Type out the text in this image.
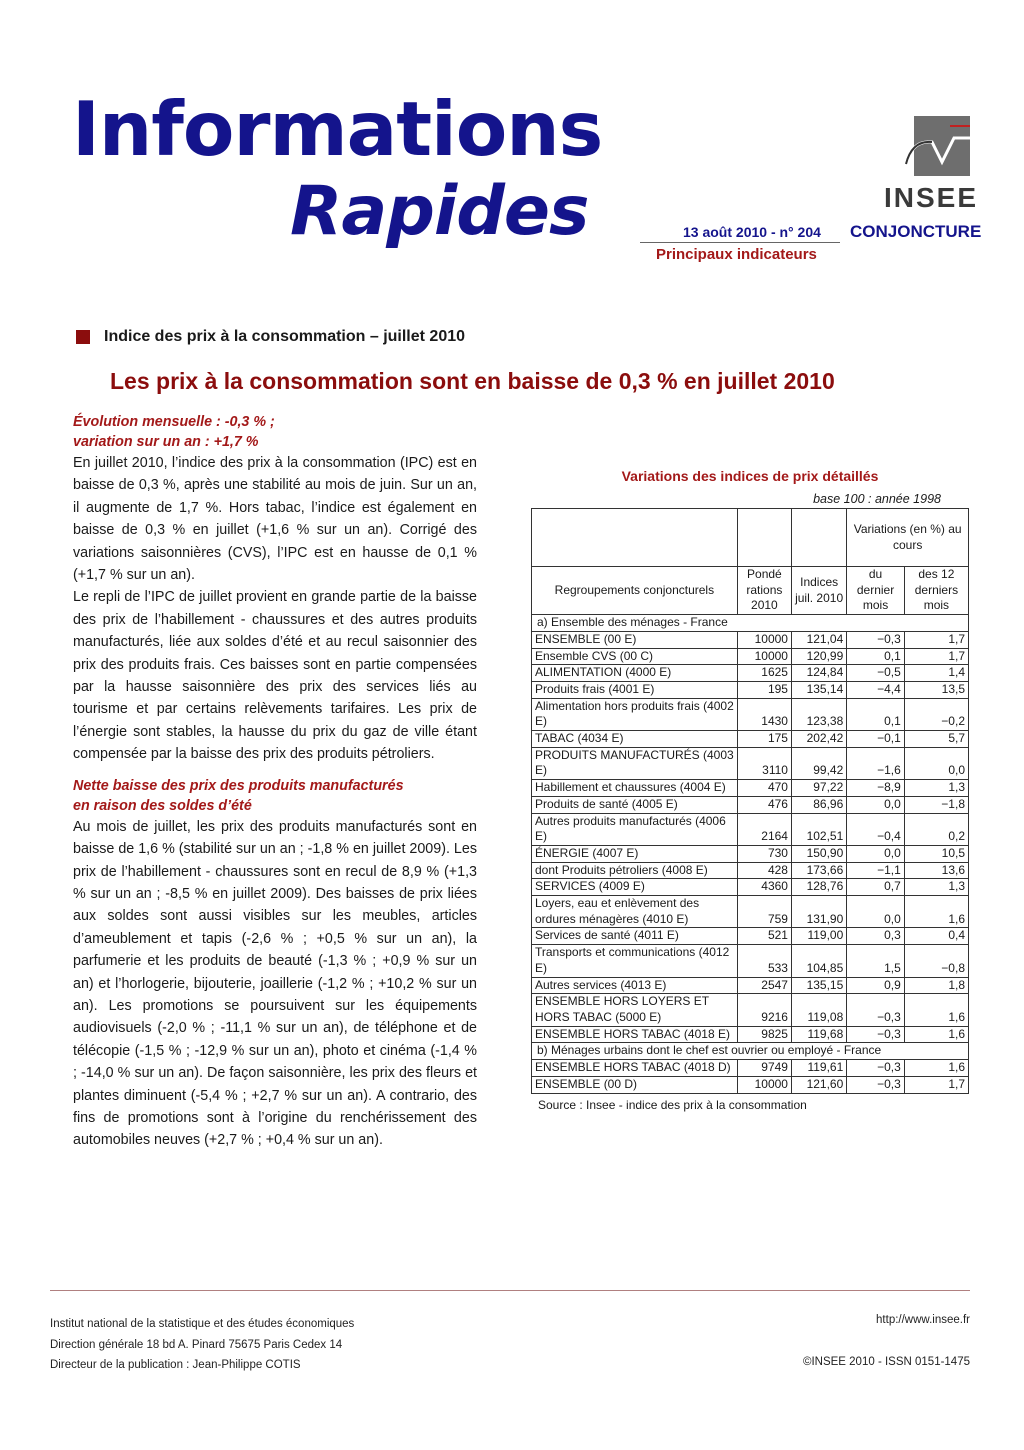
Informations
Rapides	13 août 2010 - n° 204
Principaux indicateurs
INSEE
CONJONCTURE
Indice des prix à la consommation – juillet 2010
Les prix à la consommation sont en baisse de 0,3 % en juillet 2010

Évolution mensuelle : -0,3 % ;

variation sur un an : +1,7 %

En juillet 2010, l’indice des prix à la consommation (IPC) est en baisse de 0,3 %, après une stabilité au mois de juin. Sur un an, il augmente de 1,7 %. Hors tabac, l’indice est également en baisse de 0,3 % en juillet (+1,6 % sur un an). Corrigé des variations saisonnières (CVS), l’IPC est en hausse de 0,1 % (+1,7 % sur un an).

Le repli de l’IPC de juillet provient en grande partie de la baisse des prix de l’habillement - chaussures et des autres produits manufacturés, liée aux soldes d’été et au recul saisonnier des prix des produits frais. Ces baisses sont en partie compensées par la hausse saisonnière des prix des services liés au tourisme et par certains relèvements tarifaires. Les prix de l’énergie sont stables, la hausse du prix du gaz de ville étant compensée par la baisse des prix des produits pétroliers.

Nette baisse des prix des produits manufacturés

en raison des soldes d’été

Au mois de juillet, les prix des produits manufacturés sont en baisse de 1,6 % (stabilité sur un an ; -1,8 % en juillet 2009). Les prix de l’habillement - chaussures sont en recul de 8,9 % (+1,3 % sur un an ; -8,5 % en juillet 2009). Des baisses de prix liées aux soldes sont aussi visibles sur les meubles, articles d’ameublement et tapis (-2,6 % ; +0,5 % sur un an), la parfumerie et les produits de beauté (-1,3 % ; +0,9 % sur un an) et l’horlogerie, bijouterie, joaillerie (-1,2 % ; +10,2 % sur un an). Les promotions se poursuivent sur les équipements audiovisuels (-2,0 % ; -11,1 % sur un an), de téléphone et de télécopie (-1,5 % ; -12,9 % sur un an), photo et cinéma (-1,4 % ; -14,0 % sur un an). De façon saisonnière, les prix des fleurs et plantes diminuent (-5,4 % ; +2,7 % sur un an). A contrario, des fins de promotions sont à l’origine du renchérissement des automobiles neuves (+2,7 % ; +0,4 % sur un an).

Variations des indices de prix détaillés
base 100 : année 1998
			Variations (en %) au cours	
Regroupements conjoncturels	Pondé rations 2010	Indices juil. 2010	du dernier mois	des 12 derniers mois
a) Ensemble des ménages - France				
ENSEMBLE (00 E)	10000	121,04	−0,3	1,7
Ensemble CVS (00 C)	10000	120,99	0,1	1,7
ALIMENTATION (4000 E)	1625	124,84	−0,5	1,4
Produits frais (4001 E)	195	135,14	−4,4	13,5
Alimentation hors produits frais (4002 E)	1430	123,38	0,1	−0,2
TABAC (4034 E)	175	202,42	−0,1	5,7
PRODUITS MANUFACTURÉS (4003 E)	3110	99,42	−1,6	0,0
Habillement et chaussures (4004 E)	470	97,22	−8,9	1,3
Produits de santé (4005 E)	476	86,96	0,0	−1,8
Autres produits manufacturés (4006 E)	2164	102,51	−0,4	0,2
ÉNERGIE (4007 E)	730	150,90	0,0	10,5
dont Produits pétroliers (4008 E)	428	173,66	−1,1	13,6
SERVICES (4009 E)	4360	128,76	0,7	1,3
Loyers, eau et enlèvement des ordures ménagères (4010 E)	759	131,90	0,0	1,6
Services de santé (4011 E)	521	119,00	0,3	0,4
Transports et communications (4012 E)	533	104,85	1,5	−0,8
Autres services (4013 E)	2547	135,15	0,9	1,8
ENSEMBLE HORS LOYERS ET HORS TABAC (5000 E)	9216	119,08	−0,3	1,6
ENSEMBLE HORS TABAC (4018 E)	9825	119,68	−0,3	1,6
b) Ménages urbains dont le chef est ouvrier ou employé - France				
ENSEMBLE HORS TABAC (4018 D)	9749	119,61	−0,3	1,6
ENSEMBLE (00 D)	10000	121,60	−0,3	1,7
Source : Insee - indice des prix à la consommation
Institut national de la statistique et des études économiques
Direction générale 18 bd A. Pinard 75675 Paris Cedex 14
Directeur de la publication : Jean-Philippe COTIS
http://www.insee.fr
©INSEE 2010 - ISSN 0151-1475
